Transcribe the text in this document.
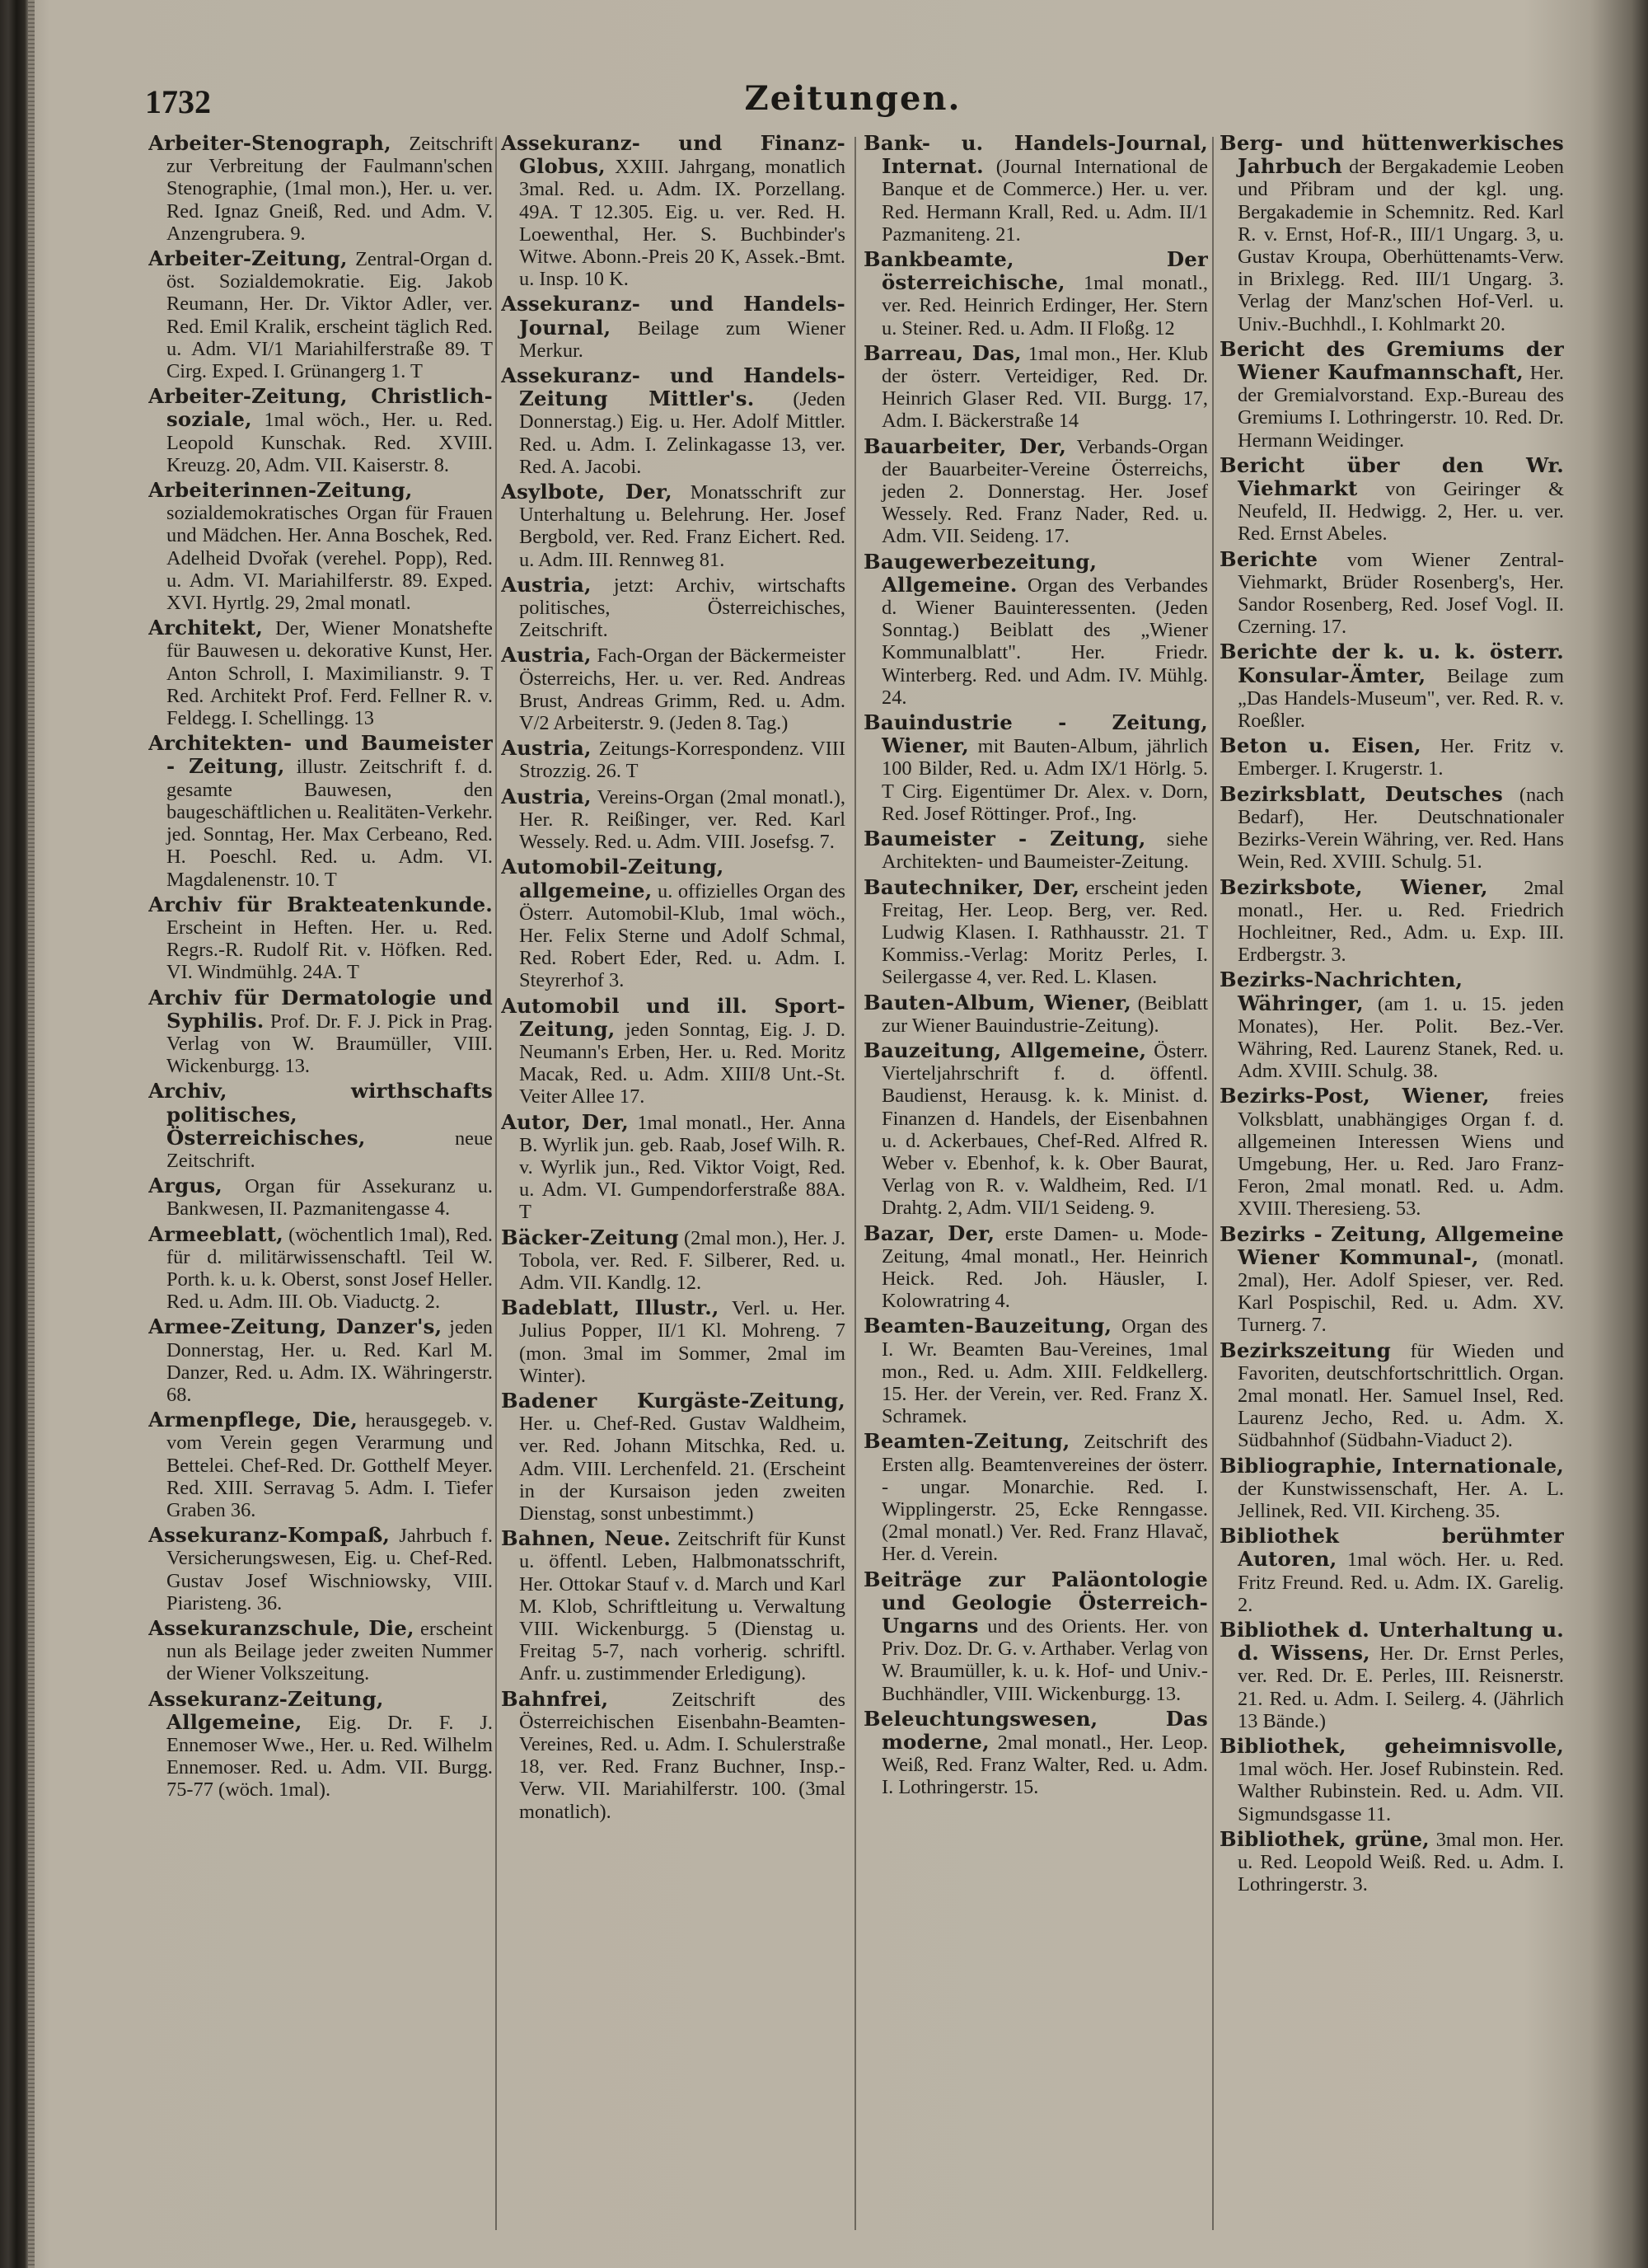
1732	Zeitungen.

Arbeiter-Stenograph, Zeitschrift zur Verbreitung der Faulmann'schen Stenographie, (1mal mon.), Her. u. ver. Red. Ignaz Gneiß, Red. und Adm. V. Anzengrubera. 9.

Arbeiter-Zeitung, Zentral-Organ d. öst. Sozialdemokratie. Eig. Jakob Reumann, Her. Dr. Viktor Adler, ver. Red. Emil Kralik, erscheint täglich Red. u. Adm. VI/1 Mariahilferstraße 89. T Cirg. Exped. I. Grünangerg 1. T

Arbeiter-Zeitung, Christlich-soziale, 1mal wöch., Her. u. Red. Leopold Kunschak. Red. XVIII. Kreuzg. 20, Adm. VII. Kaiserstr. 8.

Arbeiterinnen-Zeitung, sozialdemokratisches Organ für Frauen und Mädchen. Her. Anna Boschek, Red. Adelheid Dvořak (verehel. Popp), Red. u. Adm. VI. Mariahilferstr. 89. Exped. XVI. Hyrtlg. 29, 2mal monatl.

Architekt, Der, Wiener Monatshefte für Bauwesen u. dekorative Kunst, Her. Anton Schroll, I. Maximilianstr. 9. T Red. Architekt Prof. Ferd. Fellner R. v. Feldegg. I. Schellingg. 13

Architekten- und Baumeister - Zeitung, illustr. Zeitschrift f. d. gesamte Bauwesen, den baugeschäftlichen u. Realitäten-Verkehr. jed. Sonntag, Her. Max Cerbeano, Red. H. Poeschl. Red. u. Adm. VI. Magdalenenstr. 10. T

Archiv für Brakteatenkunde. Erscheint in Heften. Her. u. Red. Regrs.-R. Rudolf Rit. v. Höfken. Red. VI. Windmühlg. 24A. T

Archiv für Dermatologie und Syphilis. Prof. Dr. F. J. Pick in Prag. Verlag von W. Braumüller, VIII. Wickenburgg. 13.

Archiv, wirthschafts politisches, Österreichisches,	neue Zeitschrift.

Argus, Organ für Assekuranz u. Bankwesen, II. Pazmanitengasse 4.

Armeeblatt, (wöchentlich 1mal), Red. für d. militärwissenschaftl. Teil W. Porth. k. u. k. Oberst, sonst Josef Heller. Red. u. Adm. III. Ob. Viaductg. 2.

Armee-Zeitung, Danzer's, jeden Donnerstag, Her. u. Red. Karl M. Danzer, Red. u. Adm. IX. Währingerstr. 68.

Armenpflege, Die, herausgegeb. v. vom Verein gegen Verarmung und Bettelei. Chef-Red. Dr. Gotthelf Meyer. Red. XIII. Serravag 5. Adm. I. Tiefer Graben 36.

Assekuranz-Kompaß, Jahrbuch f. Versicherungswesen, Eig. u. Chef-Red. Gustav Josef Wischniowsky, VIII. Piaristeng. 36.

Assekuranzschule, Die, erscheint nun als Beilage jeder zweiten Nummer der Wiener Volkszeitung.

Assekuranz-Zeitung, Allgemeine, Eig. Dr. F. J. Ennemoser Wwe., Her. u. Red. Wilhelm Ennemoser. Red. u. Adm. VII. Burgg. 75-77 (wöch. 1mal).

Assekuranz- und Finanz-Globus, XXIII. Jahrgang, monatlich 3mal. Red. u. Adm. IX. Porzellang. 49A. T 12.305. Eig. u. ver. Red. H. Loewenthal, Her. S. Buchbinder's Witwe. Abonn.-Preis 20 K, Assek.-Bmt. u. Insp. 10 K.

Assekuranz- und Handels-Journal, Beilage zum Wiener Merkur.

Assekuranz- und Handels-Zeitung Mittler's. (Jeden Donnerstag.) Eig. u. Her. Adolf Mittler. Red. u. Adm. I. Zelinkagasse 13, ver. Red. A. Jacobi.

Asylbote, Der, Monatsschrift zur Unterhaltung u. Belehrung. Her. Josef Bergbold, ver. Red. Franz Eichert. Red. u. Adm. III. Rennweg 81.

Austria, jetzt: Archiv, wirtschafts politisches, Österreichisches, Zeitschrift.

Austria, Fach-Organ der Bäckermeister Österreichs, Her. u. ver. Red. Andreas Brust, Andreas Grimm, Red. u. Adm. V/2 Arbeiterstr. 9. (Jeden 8. Tag.)

Austria, Zeitungs-Korrespondenz. VIII Strozzig. 26. T

Austria, Vereins-Organ (2mal monatl.), Her. R. Reißinger, ver. Red. Karl Wessely. Red. u. Adm. VIII. Josefsg. 7.

Automobil-Zeitung, allgemeine, u. offizielles Organ des Österr. Automobil-Klub, 1mal wöch., Her. Felix Sterne und Adolf Schmal, Red. Robert Eder, Red. u. Adm. I. Steyrerhof 3.

Automobil und ill. Sport-Zeitung, jeden Sonntag, Eig. J. D. Neumann's Erben, Her. u. Red. Moritz Macak, Red. u. Adm. XIII/8 Unt.-St. Veiter Allee 17.

Autor, Der, 1mal monatl., Her. Anna B. Wyrlik jun. geb. Raab, Josef Wilh. R. v. Wyrlik jun., Red. Viktor Voigt, Red. u. Adm. VI. Gumpendorferstraße 88A. T

Bäcker-Zeitung (2mal mon.), Her. J. Tobola, ver. Red. F. Silberer, Red. u. Adm. VII. Kandlg. 12.

Badeblatt, Illustr., Verl. u. Her. Julius Popper, II/1 Kl. Mohreng. 7 (mon. 3mal im Sommer, 2mal im Winter).

Badener Kurgäste-Zeitung, Her. u. Chef-Red. Gustav Waldheim, ver. Red. Johann Mitschka, Red. u. Adm. VIII. Lerchenfeld. 21. (Erscheint in der Kursaison jeden zweiten Dienstag, sonst unbestimmt.)

Bahnen, Neue. Zeitschrift für Kunst u. öffentl. Leben, Halbmonatsschrift, Her. Ottokar Stauf v. d. March und Karl M. Klob, Schriftleitung u. Verwaltung VIII. Wickenburgg. 5 (Dienstag u. Freitag 5-7, nach vorherig. schriftl. Anfr. u. zustimmender Erledigung).

Bahnfrei,	Zeitschrift des Österreichischen Eisenbahn-Beamten-Vereines, Red. u. Adm. I. Schulerstraße 18, ver. Red. Franz Buchner, Insp.-Verw. VII. Mariahilferstr. 100. (3mal monatlich).

Bank- u. Handels-Journal, Internat. (Journal International de Banque et de Commerce.) Her. u. ver. Red. Hermann Krall, Red. u. Adm. II/1 Pazmaniteng. 21.

Bankbeamte, Der österreichische, 1mal monatl., ver. Red. Heinrich Erdinger, Her. Stern u. Steiner. Red. u. Adm. II Floßg. 12

Barreau, Das, 1mal mon., Her. Klub der österr. Verteidiger, Red. Dr. Heinrich Glaser Red. VII. Burgg. 17, Adm. I. Bäckerstraße 14

Bauarbeiter, Der, Verbands-Organ der Bauarbeiter-Vereine Österreichs, jeden 2. Donnerstag. Her. Josef Wessely. Red. Franz Nader, Red. u. Adm. VII. Seideng. 17.

Baugewerbezeitung, Allgemeine. Organ des Verbandes d. Wiener Bauinteressenten. (Jeden Sonntag.) Beiblatt des „Wiener Kommunalblatt". Her. Friedr. Winterberg. Red. und Adm. IV. Mühlg. 24.

Bauindustrie - Zeitung, Wiener, mit Bauten-Album, jährlich 100 Bilder, Red. u. Adm IX/1 Hörlg. 5. T Cirg. Eigentümer Dr. Alex. v. Dorn, Red. Josef Röttinger. Prof., Ing.

Baumeister - Zeitung, siehe Architekten- und Baumeister-Zeitung.

Bautechniker, Der, erscheint jeden Freitag, Her. Leop. Berg, ver. Red. Ludwig Klasen. I. Rathhausstr. 21. T Kommiss.-Verlag: Moritz Perles, I. Seilergasse 4, ver. Red. L. Klasen.

Bauten-Album, Wiener, (Beiblatt zur Wiener Bauindustrie-Zeitung).

Bauzeitung, Allgemeine, Österr. Vierteljahrschrift f. d. öffentl. Baudienst, Herausg. k. k. Minist. d. Finanzen d. Handels, der Eisenbahnen u. d. Ackerbaues, Chef-Red. Alfred R. Weber v. Ebenhof, k. k. Ober Baurat, Verlag von R. v. Waldheim, Red. I/1 Drahtg. 2, Adm. VII/1 Seideng. 9.

Bazar, Der, erste Damen- u. Mode-Zeitung, 4mal monatl., Her. Heinrich Heick. Red. Joh. Häusler, I. Kolowratring 4.

Beamten-Bauzeitung, Organ des I. Wr. Beamten Bau-Vereines, 1mal mon., Red. u. Adm. XIII. Feldkellerg. 15. Her. der Verein, ver. Red. Franz X. Schramek.

Beamten-Zeitung, Zeitschrift des Ersten allg. Beamtenvereines der österr. - ungar. Monarchie. Red. I. Wipplingerstr. 25, Ecke Renngasse. (2mal monatl.) Ver. Red. Franz Hlavač, Her. d. Verein.

Beiträge zur Paläontologie und Geologie Österreich-Ungarns und des Orients. Her. von Priv. Doz. Dr. G. v. Arthaber. Verlag von W. Braumüller, k. u. k. Hof- und Univ.-Buchhändler, VIII. Wickenburgg. 13.

Beleuchtungswesen, Das moderne, 2mal monatl., Her. Leop. Weiß, Red. Franz Walter, Red. u. Adm. I. Lothringerstr. 15.

Berg- und hüttenwerkisches Jahrbuch der Bergakademie Leoben und Přibram und der kgl. ung. Bergakademie in Schemnitz. Red. Karl R. v. Ernst, Hof-R., III/1 Ungarg. 3, u. Gustav Kroupa, Oberhüttenamts-Verw. in Brixlegg. Red. III/1 Ungarg. 3. Verlag der Manz'schen Hof-Verl. u. Univ.-Buchhdl., I. Kohlmarkt 20.

Bericht des Gremiums der Wiener Kaufmannschaft, Her. der Gremialvorstand. Exp.-Bureau des Gremiums I. Lothringerstr. 10. Red. Dr. Hermann Weidinger.

Bericht über den Wr. Viehmarkt von Geiringer & Neufeld, II. Hedwigg. 2, Her. u. ver. Red. Ernst Abeles.

Berichte vom Wiener Zentral-Viehmarkt, Brüder Rosenberg's, Her. Sandor Rosenberg, Red. Josef Vogl. II. Czerning. 17.

Berichte der k. u. k. österr. Konsular-Ämter, Beilage zum „Das Handels-Museum", ver. Red. R. v. Roeßler.

Beton u. Eisen, Her. Fritz v. Emberger. I. Krugerstr. 1.

Bezirksblatt, Deutsches (nach Bedarf), Her. Deutschnationaler Bezirks-Verein Währing, ver. Red. Hans Wein, Red. XVIII. Schulg. 51.

Bezirksbote, Wiener, 2mal monatl., Her. u. Red. Friedrich Hochleitner, Red., Adm. u. Exp. III. Erdbergstr. 3.

Bezirks-Nachrichten, Währinger, (am 1. u. 15. jeden Monates), Her. Polit. Bez.-Ver. Währing, Red. Laurenz Stanek, Red. u. Adm. XVIII. Schulg. 38.

Bezirks-Post, Wiener, freies Volksblatt, unabhängiges Organ f. d. allgemeinen Interessen Wiens und Umgebung, Her. u. Red. Jaro Franz-Feron, 2mal monatl. Red. u. Adm. XVIII. Theresieng. 53.

Bezirks - Zeitung, Allgemeine Wiener Kommunal-, (monatl. 2mal), Her. Adolf Spieser, ver. Red. Karl Pospischil, Red. u. Adm. XV. Turnerg. 7.

Bezirkszeitung für Wieden und Favoriten, deutschfortschrittlich. Organ. 2mal monatl. Her. Samuel Insel, Red. Laurenz Jecho, Red. u. Adm. X. Südbahnhof (Südbahn-Viaduct 2).

Bibliographie, Internationale, der Kunstwissenschaft, Her. A. L. Jellinek, Red. VII. Kircheng. 35.

Bibliothek berühmter Autoren, 1mal wöch. Her. u. Red. Fritz Freund. Red. u. Adm. IX. Garelig. 2.

Bibliothek d. Unterhaltung u. d. Wissens, Her. Dr. Ernst Perles, ver. Red. Dr. E. Perles, III. Reisnerstr. 21. Red. u. Adm. I. Seilerg. 4. (Jährlich 13 Bände.)

Bibliothek, geheimnisvolle, 1mal wöch. Her. Josef Rubinstein. Red. Walther Rubinstein. Red. u. Adm. VII. Sigmundsgasse 11.

Bibliothek, grüne, 3mal mon. Her. u. Red. Leopold Weiß. Red. u. Adm. I. Lothringerstr. 3.
